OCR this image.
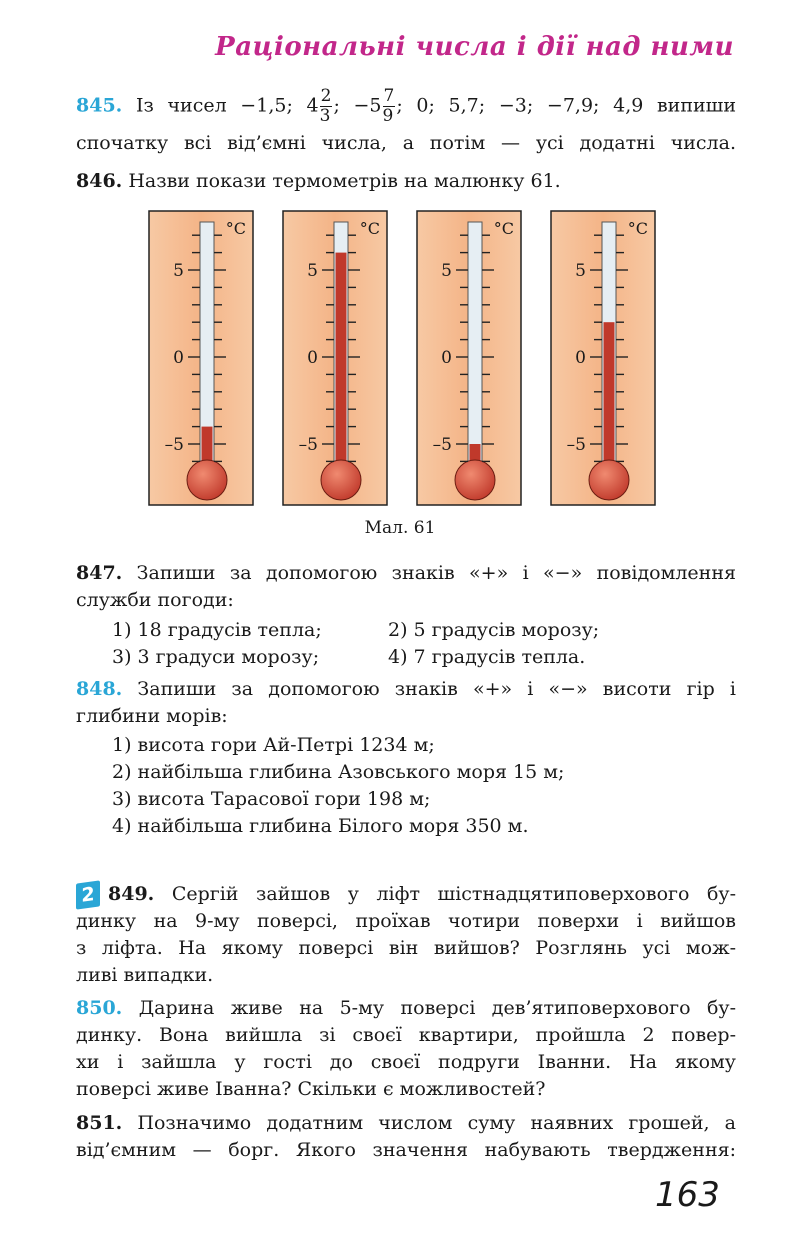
Раціональні числа і дії над ними
845. Із чисел −1,5; $4 \frac{2}{3}$ ; $-5 \frac{7}{9}$ ; 0; 5,7; −3; −7,9; 4,9 випиши
спочатку всі від’ємні числа, а потім — усі додатні числа.
846. Назви покази термометрів на малюнку 61.
5
0
–5
°C
5
0
–5
°C
5
0
–5
°C
5
0
–5
°C
Мал. 61
847. Запиши за допомогою знаків «+» і «−» повідомлення
служби погоди:
1) 18 градусів тепла;	2) 5 градусів морозу;
3) 3 градуси морозу;	4) 7 градусів тепла.
848. Запиши за допомогою знаків «+» і «−» висоти гір і
глибини морів:
1) висота гори Ай-Петрі 1234 м;
2) найбільша глибина Азовського моря 15 м;
3) висота Тарасової гори 198 м;
4) найбільша глибина Білого моря 350 м.
2 849. Сергій зайшов у ліфт шістнадцятиповерхового бу-
динку на 9-му поверсі, проїхав чотири поверхи і вийшов
з ліфта. На якому поверсі він вийшов? Розглянь усі мож-
ливі випадки.
850. Дарина живе на 5-му поверсі дев’ятиповерхового бу-
динку. Вона вийшла зі своєї квартири, пройшла 2 повер-
хи і зайшла у гості до своєї подруги Іванни. На якому
поверсі живе Іванна? Скільки є можливостей?
851. Позначимо додатним числом суму наявних грошей, а
від’ємним — борг. Якого значення набувають твердження:
163
